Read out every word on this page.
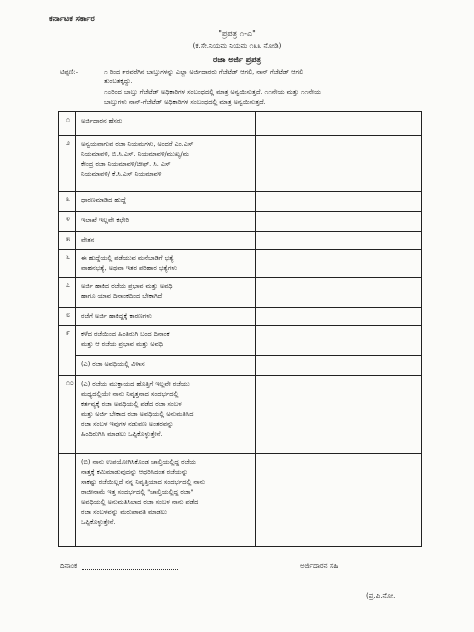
ಕರ್ನಾಟಕ ಸರ್ಕಾರ
"ಪ್ರಪತ್ರ ೧-ಎ"
(ಕ.ಸೇ.ನಿಯಮ ನಿಯಮ ೧೩೩ ನೋಡಿ)
ರಜಾ ಅರ್ಜಿ ಪ್ರಪತ್ರ
ಟಿಪ್ಪಣಿ:-	೧ ರಿಂದ ೯ರವರೆಗಿನ ಬಾಬ್ತುಗಳನ್ನು ಎಲ್ಲಾ ಅರ್ಜಿದಾರರು ಗೆಜೆಟೆಡ್ ಆಗಲಿ, ನಾನ್ ಗೆಜೆಟೆಡ್ ಆಗಲಿ
ತುಂಬತಕ್ಕದ್ದು.
೧೦ರಿಂದ ಬಾಬ್ತು ಗೆಜೆಟೆಡ್ ಅಧಿಕಾರಿಗಳ ಸಂಬಂಧದಲ್ಲಿ ಮಾತ್ರ ಅನ್ವಯಿಸುತ್ತದೆ. ೧೧ನೇಯ ಮತ್ತು ೧೧ನೇಯ
ಬಾಬ್ತುಗಳು ನಾನ್-ಗೆಜೆಟೆಡ್ ಅಧಿಕಾರಿಗಳ ಸಂಬಂಧದಲ್ಲಿ ಮಾತ್ರ ಅನ್ವಯಿಸುತ್ತದೆ.
೧ ಅರ್ಜಿದಾರನ ಹೆಸರು
೨ ಅನ್ವಯವಾಗುವ ರಜಾ ನಿಯಮಗಳು, ಅಂದರೆ ಎಂ.ಎಸ್
ನಿಯಮಾವಳಿ, ಬಿ.ಸಿ.ಎಸ್. ನಿಯಮಾವಳಿ/ಮುಖ್ಯ/ಮ
ಕೇಂದ್ರ ರಜಾ ನಿಯಮಾವಳಿ/ಚೀಫ್. ಸಿ. ಎಸ್
ನಿಯಮಾವಳಿ/ ಕೆ.ಸಿ.ಎಸ್ ನಿಯಮಾವಳಿ
೩ ಧಾರಣಮಾಡಿದ ಹುದ್ದೆ
೪ ಇಲಾಖೆ ಇಲ್ಲವೇ ಕಛೇರಿ
೫ ವೇತನ
೬ ಈ ಹುದ್ದೆಯಲ್ಲಿ ಪಡೆಯುವ ಮನೆಬಾಡಿಗೆ ಭತ್ಯೆ
ವಾಹನಭತ್ಯೆ, ಅಥವಾ ಇತರ ಪರಿಹಾರ ಭತ್ಯೆಗಳು
೭ ಅರ್ಜಿ ಹಾಕಿದ ರಜೆಯ ಪ್ರಭಾವ ಮತ್ತು ಅವಧಿ
ಹಾಗೂ ಯಾವ ದಿನಾಂಕದಿಂದ ಬೇಕಾಗಿದೆ
೮ ರಜೆಗೆ ಅರ್ಜಿ ಹಾಕಿದ್ದಕ್ಕೆ ಕಾರಣಗಳು
೯ ಕಳೆದ ರಜೆಯಿಂದ ಹಿಂತಿರುಗಿ ಬಂದ ದಿನಾಂಕ
ಮತ್ತು ಆ ರಜೆಯ ಪ್ರಭಾವ ಮತ್ತು ಅವಧಿ
(ಎ) ರಜಾ ಅವಧಿಯಲ್ಲಿ ವಿಳಾಸ
೧೦ (ಎ) ರಜೆಯ ಮುಕ್ತಾಯದ ಹೊತ್ತಿಗೆ ಇಲ್ಲವೇ ರಜೆಯು
ಮಧ್ಯದಲ್ಲಿಯೇ ನಾನು ನಿವೃತ್ತನಾದ ಸಂದರ್ಭದಲ್ಲಿ
ಕರ್ತವ್ಯಕ್ಕೆ ರಜಾ ಅವಧಿಯಲ್ಲಿ ಪಡೆದ ರಜಾ ಸಂಬಳ
ಮತ್ತು ಅರ್ಜಿ ಬೇಕಾದ ರಜಾ ಅವಧಿಯಲ್ಲಿ ಅನುಮತಿಸಿದ
ರಜಾ ಸಂಬಳ ಇವುಗಳ ನಡುವಣ ಅಂತರವನ್ನು
ಹಿಂದಿರುಗಿಸಿ ಮಾಡಲು ಒಪ್ಪಿಕೊಳ್ಳುತ್ತೇನೆ.
(ಬಿ) ನಾನು ಉಪಯೋಗಿಸಿಕೊಂಡ ಚಾಲ್ತಿಯಲ್ಲಿದ್ದ ರಜೆಯ
ನಾತ್ತಕ್ಕೆ ಕಮಿಮಾಡುವುದನ್ನು ಆಧರಿಸಿದಂತ ರಜೆಯನ್ನು
ಸಾಕಷ್ಟು ರಜೆಯಿಲ್ಲದೆ ನನ್ನ ನಿವೃತ್ತಿಯಾದ ಸಂದರ್ಭದಲ್ಲಿ ನಾನು
ರಾಜೀನಾಮೆ ಇತ್ತ ಸಂದರ್ಭದಲ್ಲಿ "ಚಾಲ್ತಿಯಲ್ಲಿದ್ದ ರಜಾ"
ಅವಧಿಯಲ್ಲಿ ಅನುಮತಿಸಿಲಾದ ರಜಾ ಸಂಬಳ ನಾನು ಪಡೆದ
ರಜಾ ಸಂಬಳವನ್ನು ಮರುಪಾವತಿ ಮಾಡಲು
ಒಪ್ಪಿಕೊಳ್ಳುತ್ತೇನೆ.
ದಿನಾಂಕ	ಅರ್ಜಿದಾರನ ಸಹಿ
(ಪ್ರ.ಪಿ.ನೋ.
